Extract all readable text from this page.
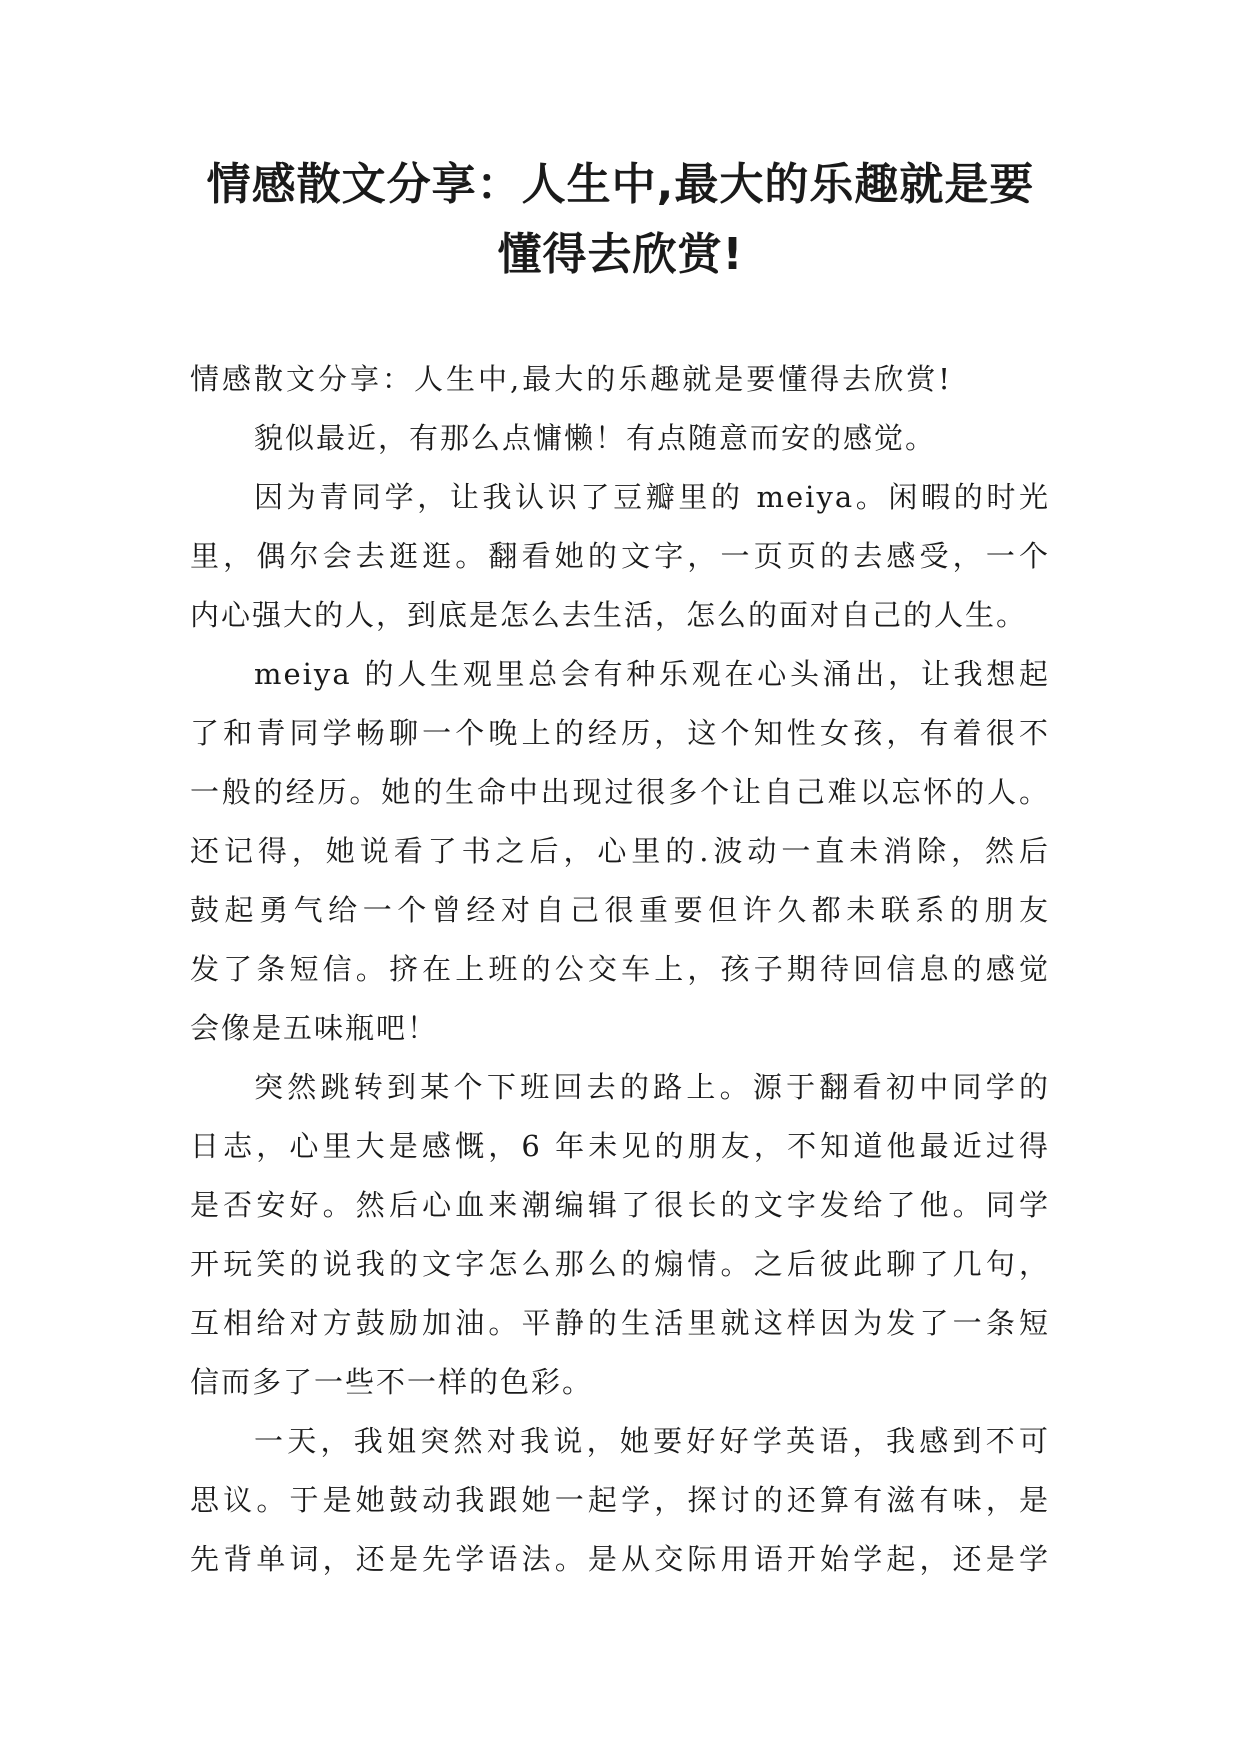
情感散文分享：人生中,最大的乐趣就是要
懂得去欣赏!
情感散文分享：人生中,最大的乐趣就是要懂得去欣赏!
貌似最近，有那么点慵懒！有点随意而安的感觉。
因为青同学，让我认识了豆瓣里的 meiya。闲暇的时光
里，偶尔会去逛逛。翻看她的文字，一页页的去感受，一个
内心强大的人，到底是怎么去生活，怎么的面对自己的人生。
meiya 的人生观里总会有种乐观在心头涌出，让我想起
了和青同学畅聊一个晚上的经历，这个知性女孩，有着很不
一般的经历。她的生命中出现过很多个让自己难以忘怀的人。
还记得，她说看了书之后，心里的.波动一直未消除，然后
鼓起勇气给一个曾经对自己很重要但许久都未联系的朋友
发了条短信。挤在上班的公交车上，孩子期待回信息的感觉
会像是五味瓶吧！
突然跳转到某个下班回去的路上。源于翻看初中同学的
日志，心里大是感慨，6 年未见的朋友，不知道他最近过得
是否安好。然后心血来潮编辑了很长的文字发给了他。同学
开玩笑的说我的文字怎么那么的煽情。之后彼此聊了几句，
互相给对方鼓励加油。平静的生活里就这样因为发了一条短
信而多了一些不一样的色彩。
一天，我姐突然对我说，她要好好学英语，我感到不可
思议。于是她鼓动我跟她一起学，探讨的还算有滋有味，是
先背单词，还是先学语法。是从交际用语开始学起，还是学
